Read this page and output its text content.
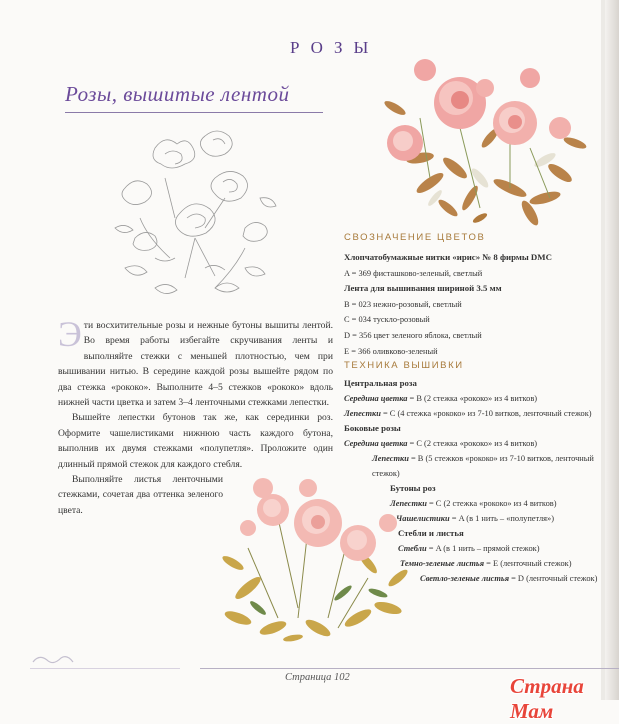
РОЗЫ
Розы, вышитые лентой

Эти восхитительные розы и нежные бутоны вышиты лентой. Во время работы избегайте скручивания ленты и выполняйте стежки с меньшей плотностью, чем при вышивании нитью. В середине каждой розы вышейте рядом по два стежка «рококо». Выполните 4–5 стежков «рококо» вдоль нижней части цветка и затем 3–4 ленточными стежками лепестки.

Вышейте лепестки бутонов так же, как серединки роз. Оформите чашелистиками нижнюю часть каждого бутона, выполнив их двумя стежками «полупетля». Проложите один длинный прямой стежок для каждого стебля.

Выполняйте листья ленточными стежками, сочетая два оттенка зеленого цвета.

СВОЗНАЧЕНИЕ ЦВЕТОВ
Хлопчатобумажные нитки «ирис» № 8 фирмы DMC
A = 369 фисташково-зеленый, светлый
Лента для вышивания шириной 3.5 мм
B = 023 нежно-розовый, светлый
C = 034 тускло-розовый
D = 356 цвет зеленого яблока, светлый
E = 366 оливково-зеленый
ТЕХНИКА ВЫШИВКИ
Центральная роза
Середина цветка = B (2 стежка «рококо» из 4 витков)
Лепестки = C (4 стежка «рококо» из 7-10 витков, ленточный стежок)
Боковые розы
Середина цветка = C (2 стежка «рококо» из 4 витков)
Лепестки = B (5 стежков «рококо» из 7-10 витков, ленточный стежок)
Бутоны роз
Лепестки = C (2 стежка «рококо» из 4 витков)
Чашелистики = A (в 1 нить – «полупетля»)
Стебли и листья
Стебли = A (в 1 нить – прямой стежок)
Темно-зеленые листья = E (ленточный стежок)
Светло-зеленые листья = D (ленточный стежок)
Страница 102	Страна Мам
